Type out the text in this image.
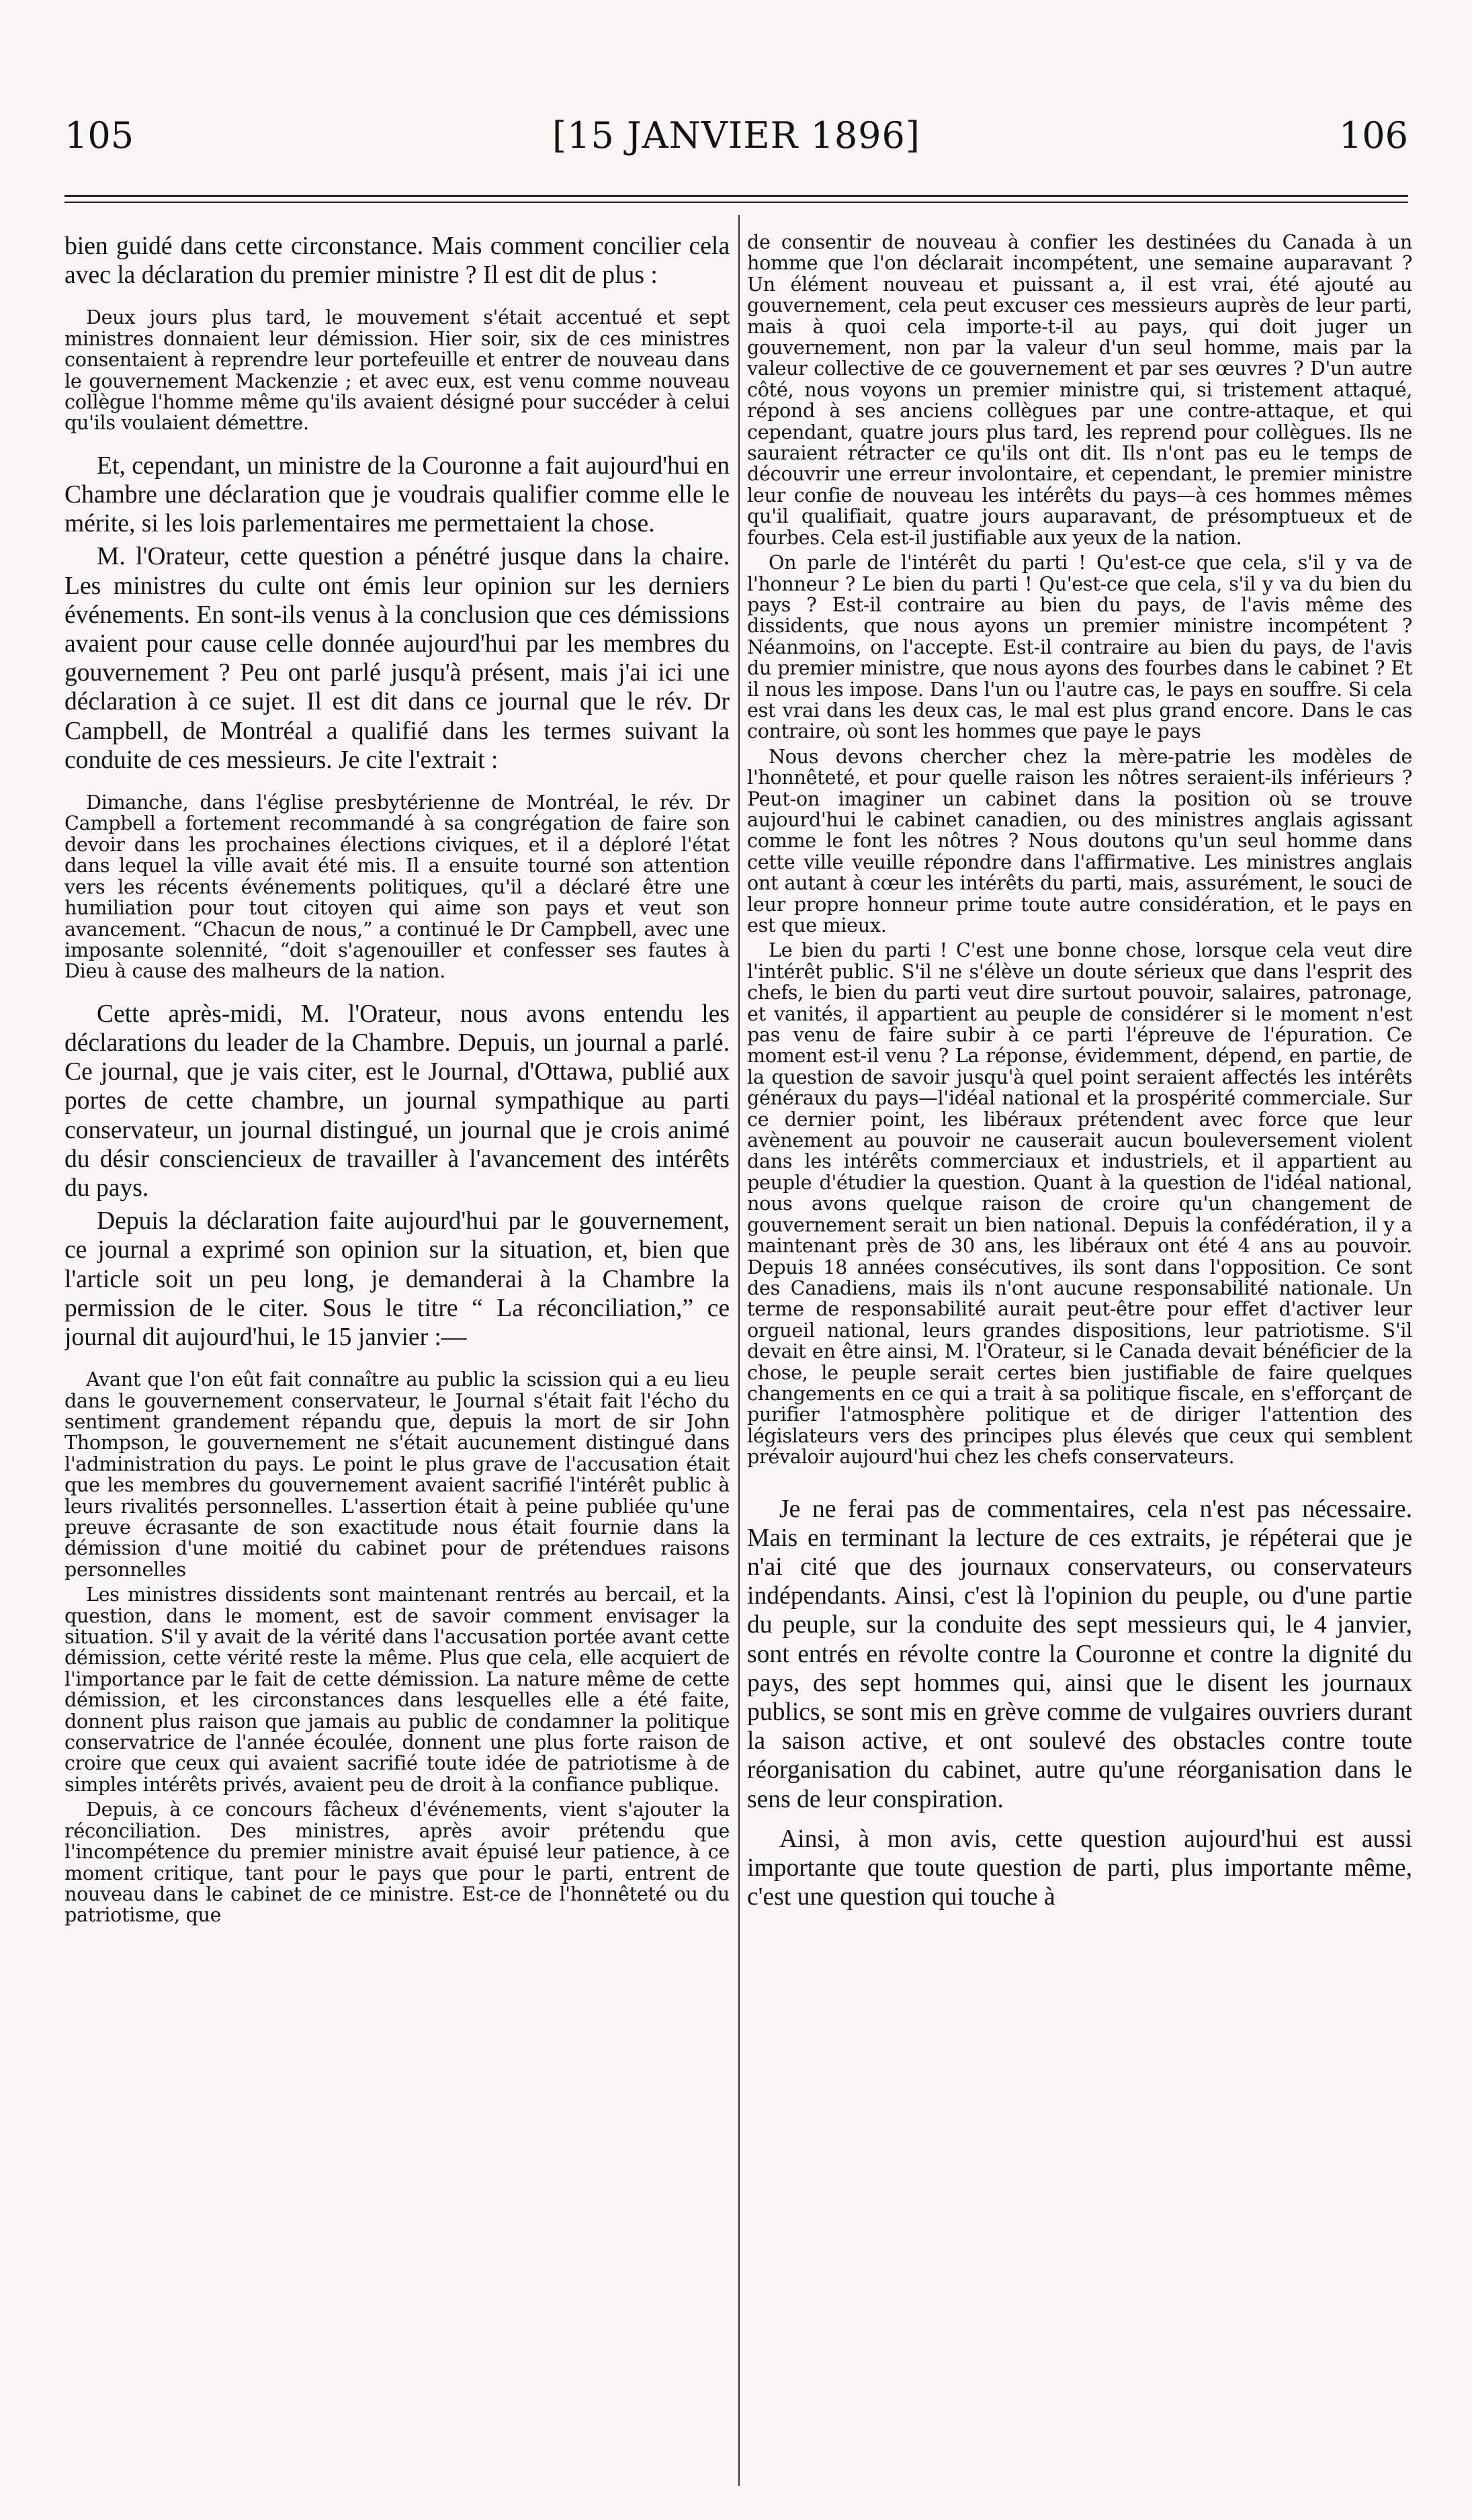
105	[15 JANVIER 1896]	106

bien guidé dans cette circonstance. Mais comment concilier cela avec la déclaration du premier ministre ? Il est dit de plus :

Deux jours plus tard, le mouvement s'était accentué et sept ministres donnaient leur démission. Hier soir, six de ces ministres consentaient à reprendre leur portefeuille et entrer de nouveau dans le gouvernement Mackenzie ; et avec eux, est venu comme nouveau collègue l'homme même qu'ils avaient désigné pour succéder à celui qu'ils voulaient démettre.

Et, cependant, un ministre de la Couronne a fait aujourd'hui en Chambre une déclaration que je voudrais qualifier comme elle le mérite, si les lois parlementaires me permettaient la chose.

M. l'Orateur, cette question a pénétré jusque dans la chaire. Les ministres du culte ont émis leur opinion sur les derniers événements. En sont-ils venus à la conclusion que ces démissions avaient pour cause celle donnée aujourd'hui par les membres du gouvernement ? Peu ont parlé jusqu'à présent, mais j'ai ici une déclaration à ce sujet. Il est dit dans ce journal que le rév. Dr Campbell, de Montréal a qualifié dans les termes suivant la conduite de ces messieurs. Je cite l'extrait :

Dimanche, dans l'église presbytérienne de Montréal, le rév. Dr Campbell a fortement recommandé à sa congrégation de faire son devoir dans les prochaines élections civiques, et il a déploré l'état dans lequel la ville avait été mis. Il a ensuite tourné son attention vers les récents événements politiques, qu'il a déclaré être une humiliation pour tout citoyen qui aime son pays et veut son avancement. “Chacun de nous,” a continué le Dr Campbell, avec une imposante solennité, “doit s'agenouiller et confesser ses fautes à Dieu à cause des malheurs de la nation.

Cette après-midi, M. l'Orateur, nous avons entendu les déclarations du leader de la Chambre. Depuis, un journal a parlé. Ce journal, que je vais citer, est le Journal, d'Ottawa, publié aux portes de cette chambre, un journal sympathique au parti conservateur, un journal distingué, un journal que je crois animé du désir consciencieux de travailler à l'avancement des intérêts du pays.

Depuis la déclaration faite aujourd'hui par le gouvernement, ce journal a exprimé son opinion sur la situation, et, bien que l'article soit un peu long, je demanderai à la Chambre la permission de le citer. Sous le titre “ La réconciliation,” ce journal dit aujourd'hui, le 15 janvier :—

Avant que l'on eût fait connaître au public la scission qui a eu lieu dans le gouvernement conservateur, le Journal s'était fait l'écho du sentiment grandement répandu que, depuis la mort de sir John Thompson, le gouvernement ne s'était aucunement distingué dans l'administration du pays. Le point le plus grave de l'accusation était que les membres du gouvernement avaient sacrifié l'intérêt public à leurs rivalités personnelles. L'assertion était à peine publiée qu'une preuve écrasante de son exactitude nous était fournie dans la démission d'une moitié du cabinet pour de prétendues raisons personnelles

Les ministres dissidents sont maintenant rentrés au bercail, et la question, dans le moment, est de savoir comment envisager la situation. S'il y avait de la vérité dans l'accusation portée avant cette démission, cette vérité reste la même. Plus que cela, elle acquiert de l'importance par le fait de cette démission. La nature même de cette démission, et les circonstances dans lesquelles elle a été faite, donnent plus raison que jamais au public de condamner la politique conservatrice de l'année écoulée, donnent une plus forte raison de croire que ceux qui avaient sacrifié toute idée de patriotisme à de simples intérêts privés, avaient peu de droit à la confiance publique.

Depuis, à ce concours fâcheux d'événements, vient s'ajouter la réconciliation. Des ministres, après avoir prétendu que l'incompétence du premier ministre avait épuisé leur patience, à ce moment critique, tant pour le pays que pour le parti, entrent de nouveau dans le cabinet de ce ministre. Est-ce de l'honnêteté ou du patriotisme, que

de consentir de nouveau à confier les destinées du Canada à un homme que l'on déclarait incompétent, une semaine auparavant ? Un élément nouveau et puissant a, il est vrai, été ajouté au gouvernement, cela peut excuser ces messieurs auprès de leur parti, mais à quoi cela importe-t-il au pays, qui doit juger un gouvernement, non par la valeur d'un seul homme, mais par la valeur collective de ce gouvernement et par ses œuvres ? D'un autre côté, nous voyons un premier ministre qui, si tristement attaqué, répond à ses anciens collègues par une contre-attaque, et qui cependant, quatre jours plus tard, les reprend pour collègues. Ils ne sauraient rétracter ce qu'ils ont dit. Ils n'ont pas eu le temps de découvrir une erreur involontaire, et cependant, le premier ministre leur confie de nouveau les intérêts du pays—à ces hommes mêmes qu'il qualifiait, quatre jours auparavant, de présomptueux et de fourbes. Cela est-il justifiable aux yeux de la nation.

On parle de l'intérêt du parti ! Qu'est-ce que cela, s'il y va de l'honneur ? Le bien du parti ! Qu'est-ce que cela, s'il y va du bien du pays ? Est-il contraire au bien du pays, de l'avis même des dissidents, que nous ayons un premier ministre incompétent ? Néanmoins, on l'accepte. Est-il contraire au bien du pays, de l'avis du premier ministre, que nous ayons des fourbes dans le cabinet ? Et il nous les impose. Dans l'un ou l'autre cas, le pays en souffre. Si cela est vrai dans les deux cas, le mal est plus grand encore. Dans le cas contraire, où sont les hommes que paye le pays

Nous devons chercher chez la mère-patrie les modèles de l'honnêteté, et pour quelle raison les nôtres seraient-ils inférieurs ? Peut-on imaginer un cabinet dans la position où se trouve aujourd'hui le cabinet canadien, ou des ministres anglais agissant comme le font les nôtres ? Nous doutons qu'un seul homme dans cette ville veuille répondre dans l'affirmative. Les ministres anglais ont autant à cœur les intérêts du parti, mais, assurément, le souci de leur propre honneur prime toute autre considération, et le pays en est que mieux.

Le bien du parti ! C'est une bonne chose, lorsque cela veut dire l'intérêt public. S'il ne s'élève un doute sérieux que dans l'esprit des chefs, le bien du parti veut dire surtout pouvoir, salaires, patronage, et vanités, il appartient au peuple de considérer si le moment n'est pas venu de faire subir à ce parti l'épreuve de l'épuration. Ce moment est-il venu ? La réponse, évidemment, dépend, en partie, de la question de savoir jusqu'à quel point seraient affectés les intérêts généraux du pays—l'idéal national et la prospérité commerciale. Sur ce dernier point, les libéraux prétendent avec force que leur avènement au pouvoir ne causerait aucun bouleversement violent dans les intérêts commerciaux et industriels, et il appartient au peuple d'étudier la question. Quant à la question de l'idéal national, nous avons quelque raison de croire qu'un changement de gouvernement serait un bien national. Depuis la confédération, il y a maintenant près de 30 ans, les libéraux ont été 4 ans au pouvoir. Depuis 18 années consécutives, ils sont dans l'opposition. Ce sont des Canadiens, mais ils n'ont aucune responsabilité nationale. Un terme de responsabilité aurait peut-être pour effet d'activer leur orgueil national, leurs grandes dispositions, leur patriotisme. S'il devait en être ainsi, M. l'Orateur, si le Canada devait bénéficier de la chose, le peuple serait certes bien justifiable de faire quelques changements en ce qui a trait à sa politique fiscale, en s'efforçant de purifier l'atmosphère politique et de diriger l'attention des législateurs vers des principes plus élevés que ceux qui semblent prévaloir aujourd'hui chez les chefs conservateurs.

Je ne ferai pas de commentaires, cela n'est pas nécessaire. Mais en terminant la lecture de ces extraits, je répéterai que je n'ai cité que des journaux conservateurs, ou conservateurs indépendants. Ainsi, c'est là l'opinion du peuple, ou d'une partie du peuple, sur la conduite des sept messieurs qui, le 4 janvier, sont entrés en révolte contre la Couronne et contre la dignité du pays, des sept hommes qui, ainsi que le disent les journaux publics, se sont mis en grève comme de vulgaires ouvriers durant la saison active, et ont soulevé des obstacles contre toute réorganisation du cabinet, autre qu'une réorganisation dans le sens de leur conspiration.

Ainsi, à mon avis, cette question aujourd'hui est aussi importante que toute question de parti, plus importante même, c'est une question qui touche à
